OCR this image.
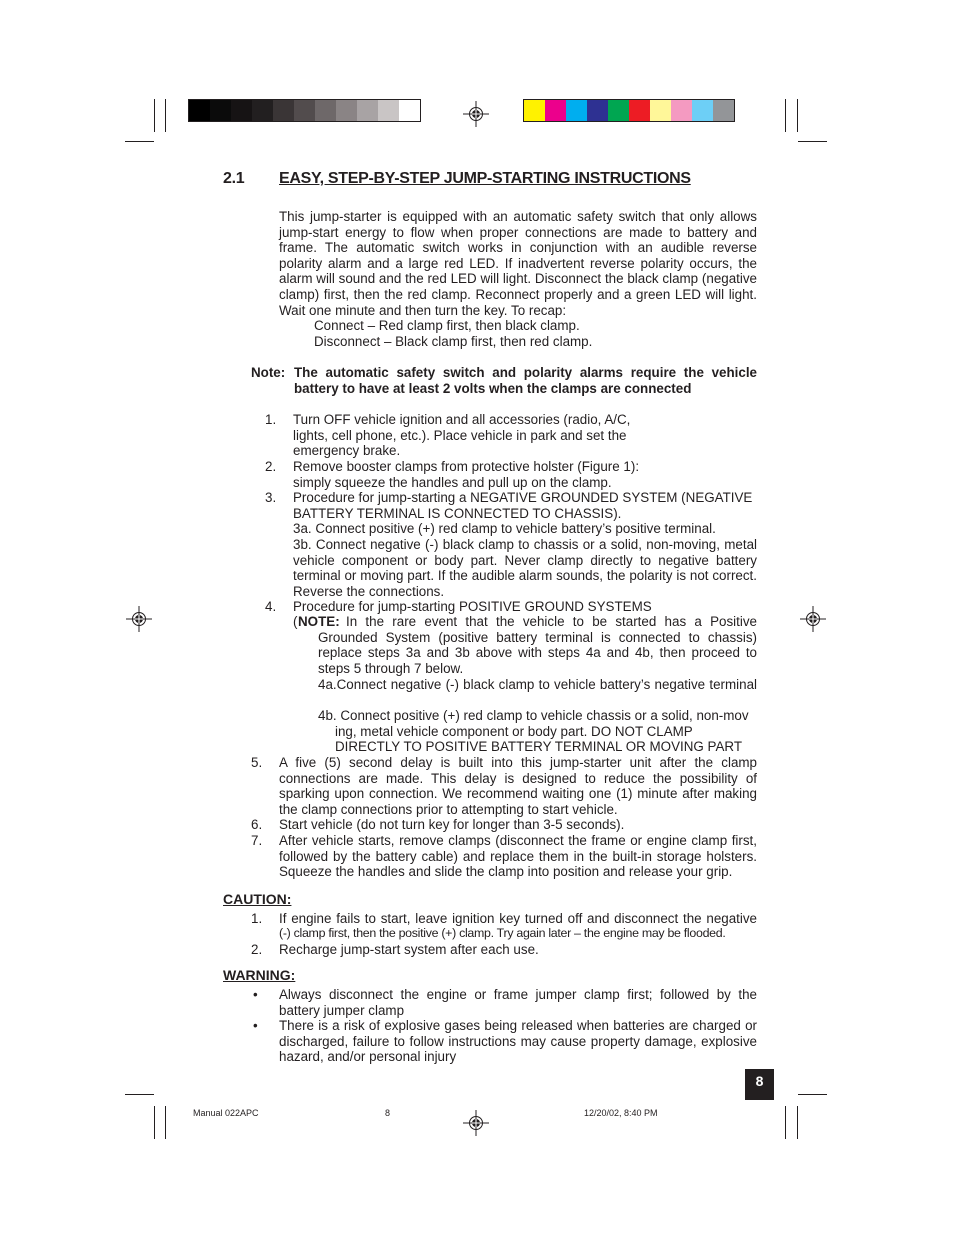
2.1 EASY, STEP-BY-STEP JUMP-STARTING INSTRUCTIONS
This jump-starter is equipped with an automatic safety switch that only allows jump-start energy to flow when proper connections are made to battery and frame. The automatic switch works in conjunction with an audible reverse polarity alarm and a large red LED. If inadvertent reverse polarity occurs, the alarm will sound and the red LED will light. Disconnect the black clamp (negative clamp) first, then the red clamp. Reconnect properly and a green LED will light. Wait one minute and then turn the key. To recap:
Connect – Red clamp first, then black clamp.
Disconnect – Black clamp first, then red clamp.
Note: The automatic safety switch and polarity alarms require the vehicle battery to have at least 2 volts when the clamps are connected
1. Turn OFF vehicle ignition and all accessories (radio, A/C, lights, cell phone, etc.). Place vehicle in park and set the emergency brake.
2. Remove booster clamps from protective holster (Figure 1): simply squeeze the handles and pull up on the clamp.
3. Procedure for jump-starting a NEGATIVE GROUNDED SYSTEM (NEGATIVE BATTERY TERMINAL IS CONNECTED TO CHASSIS).
3a. Connect positive (+) red clamp to vehicle battery’s positive terminal.
3b. Connect negative (-) black clamp to chassis or a solid, non-moving, metal vehicle component or body part. Never clamp directly to negative battery terminal or moving part. If the audible alarm sounds, the polarity is not correct. Reverse the connections.
4. Procedure for jump-starting POSITIVE GROUND SYSTEMS
( NOTE: In the rare event that the vehicle to be started has a Positive Grounded System (positive battery terminal is connected to chassis) replace steps 3a and 3b above with steps 4a and 4b, then proceed to steps 5 through 7 below.
4a.Connect negative (-) black clamp to vehicle battery’s negative terminal
4b. Connect positive (+) red clamp to vehicle chassis or a solid, non-mov ing, metal vehicle component or body part. DO NOT CLAMP DIRECTLY TO POSITIVE BATTERY TERMINAL OR MOVING PART
5. A five (5) second delay is built into this jump-starter unit after the clamp connections are made. This delay is designed to reduce the possibility of sparking upon connection. We recommend waiting one (1) minute after making the clamp connections prior to attempting to start vehicle.
6. Start vehicle (do not turn key for longer than 3-5 seconds).
7. After vehicle starts, remove clamps (disconnect the frame or engine clamp first, followed by the battery cable) and replace them in the built-in storage holsters. Squeeze the handles and slide the clamp into position and release your grip.
CAUTION:
1. If engine fails to start, leave ignition key turned off and disconnect the negative
(-) clamp first, then the positive (+) clamp. Try again later – the engine may be flooded.
2. Recharge jump-start system after each use.
WARNING:
• Always disconnect the engine or frame jumper clamp first; followed by the battery jumper clamp
• There is a risk of explosive gases being released when batteries are charged or discharged, failure to follow instructions may cause property damage, explosive hazard, and/or personal injury
8
Manual 022APC	8	12/20/02, 8:40 PM
